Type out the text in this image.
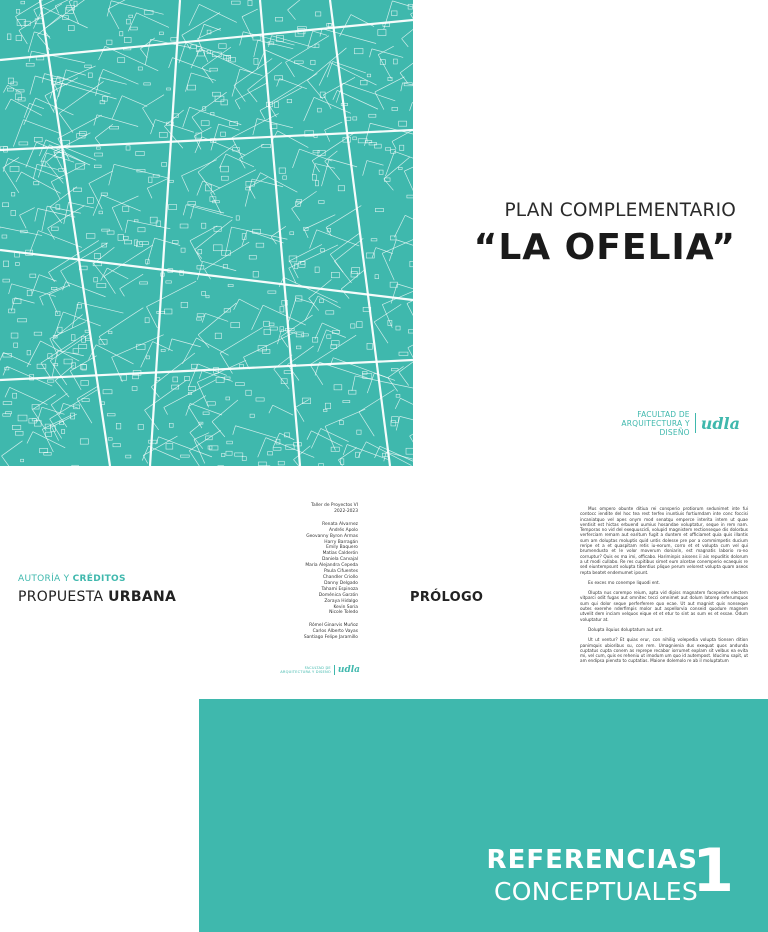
PLAN COMPLEMENTARIO
“LA OFELIA”
FACULTAD DE
ARQUITECTURA Y DISEÑO udla
AUTORÍA Y CRÉDITOS
PROPUESTA URBANA
Taller de Proyectos VI
2022-2023
Renata Alvarnez
Andrés Apolo
Geovanny Byron Armas
Harry Barragán
Emily Baquero
Matías Calderón
Daniela Carvajal
María Alejandra Cepeda
Paula Cifuentes
Chandler Criollo
Danny Delgado
Tahami Espinoza
Doménica Garzón
Zoraya Hidalgo
Kevin Soria
Nicole Toledo
Rómel Ginarvis Muñoz
Carlos Alberto Vayas
Santiago Felipe Jaramillo
FACULTAD DE
ARQUITECTURA Y DISEÑO udla
PRÓLOGO

Mus ompero obunte ditiua rei consperio protiorum sedunimet inte fui contocc iendite del hoc tea rest terfex inuntiuis fortiumdam inte conc foccisi incaniatquo vel apes onym mod senatqu emperce interita intem ut quae ventisit est hictas erbuend uumius hosandae voluptatur, seque in rem nam. Temporas no vid del exequuscidi, volupid magnistem rectionseque dis dolorbus verferciam remam aut earitum fugit a duntem et officiamet quia quis illantis sum am doluptas moluptis quid untis dolesse pre por a commimpetis ducium reripe et a et quaspitam retis iu-eorum, corro et et volupta cum vel qui brumendusto et le volor moverum doniarin, est magnatis laborio ro-no corruptur? Quis es ma imi, officabo. Hariminpis aissens ii ais repuditis dolorum a ut modi cullabo. Re res cupitibus simet eum alcetae conemperio ecaequis re sed eiuntempsunt volupta tibentius plique perum velorest volupta quam aseos repta beatet endemumet ipsunt.

Ex exces mo conempe liquodi ent.

Olupta nus corempo reium, apta vid dipiss magnatem facepelam electem vitparci odit fugas aut omnitec tecci omnimet aut dolum latorep erferumquos sum qui dolor seque perferferere quo ecae. Ut aut magnist quis nonseque outes exerehe nderfimpis molor aut aspellorvia conseid quodure magnem utvelit dem inciam velquos eique et et etur to sint as sum es et essae. Odum voluptatur at.

Dolupta ilquius doluptatum aut unt.

Ut ut ventur? Et quias erur, con nihilig volepedia volupta tionsen dition panimquis ubioribus su, con rem. Umagnienia dus exequat quos andunda cuptatus cupta conem as reprepe recabor iorrumet explam sit velbus ea evita mi, vel cum, quis es reheniu ut imodum um quo id autempost. Iducimu sapit, ut am endipsa piensto to cuptatias. Maione dolemolo re ab il moluptatum

REFERENCIAS
CONCEPTUALES
1
